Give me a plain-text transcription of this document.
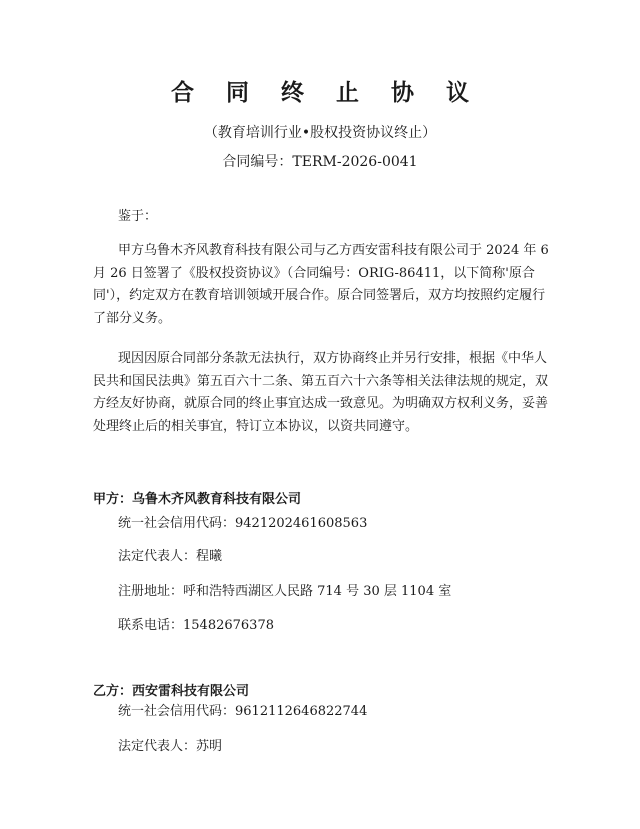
合 同 终 止 协 议
（教育培训行业•股权投资协议终止）
合同编号：TERM-2026-0041
鉴于：
甲方乌鲁木齐风教育科技有限公司与乙方西安雷科技有限公司于 2024 年 6 月 26 日签署了《股权投资协议》（合同编号：ORIG-86411，以下简称'原合同'），约定双方在教育培训领域开展合作。原合同签署后，双方均按照约定履行了部分义务。
现因因原合同部分条款无法执行，双方协商终止并另行安排，根据《中华人民共和国民法典》第五百六十二条、第五百六十六条等相关法律法规的规定，双方经友好协商，就原合同的终止事宜达成一致意见。为明确双方权利义务，妥善处理终止后的相关事宜，特订立本协议，以资共同遵守。
甲方：乌鲁木齐风教育科技有限公司
统一社会信用代码：9421202461608563
法定代表人：程曦
注册地址：呼和浩特西湖区人民路 714 号 30 层 1104 室
联系电话：15482676378
乙方：西安雷科技有限公司
统一社会信用代码：9612112646822744
法定代表人：苏明
